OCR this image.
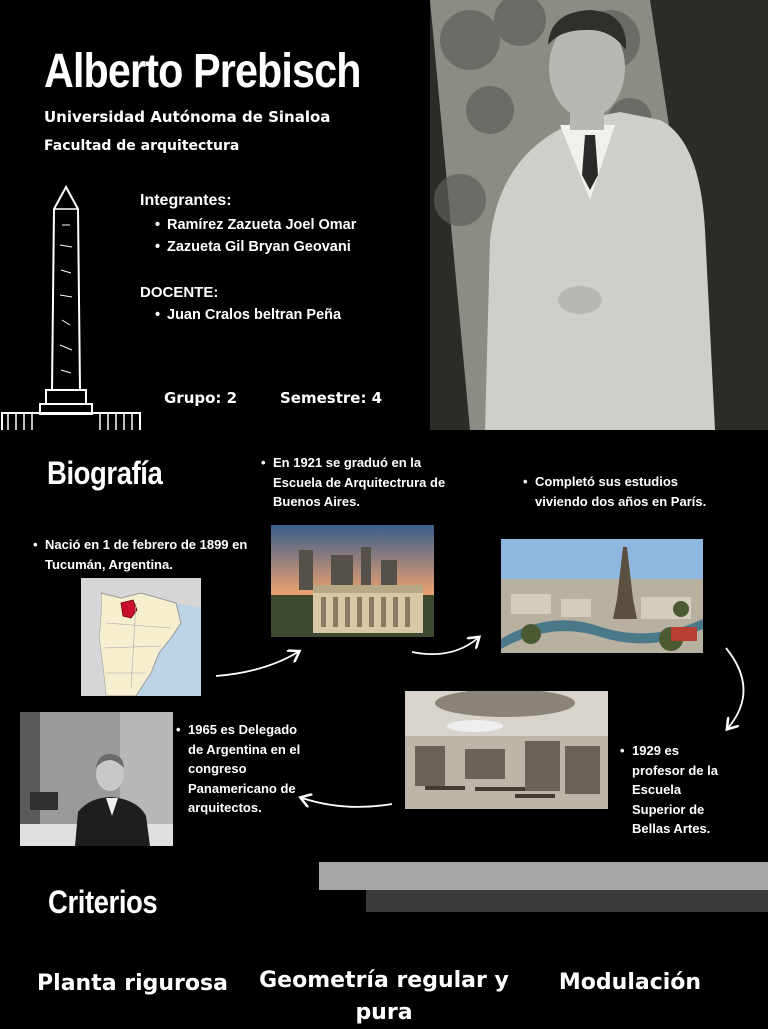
Alberto Prebisch
Universidad Autónoma de Sinaloa
Facultad de arquitectura
Integrantes:
• Ramírez Zazueta Joel Omar
• Zazueta Gil Bryan Geovani
DOCENTE:
• Juan Cralos beltran Peña
Grupo: 2	Semestre: 4
Biografía
• Nació en 1 de febrero de 1899 en Tucumán, Argentina.
• En 1921 se graduó en la Escuela de Arquitectrura de Buenos Aires.
• Completó sus estudios viviendo dos años en París.
• 1929 es profesor de la Escuela Superior de Bellas Artes.
• 1965 es Delegado de Argentina en el congreso Panamericano de arquitectos.
Criterios
Planta rigurosa	Geometría regular y pura
Modulación
